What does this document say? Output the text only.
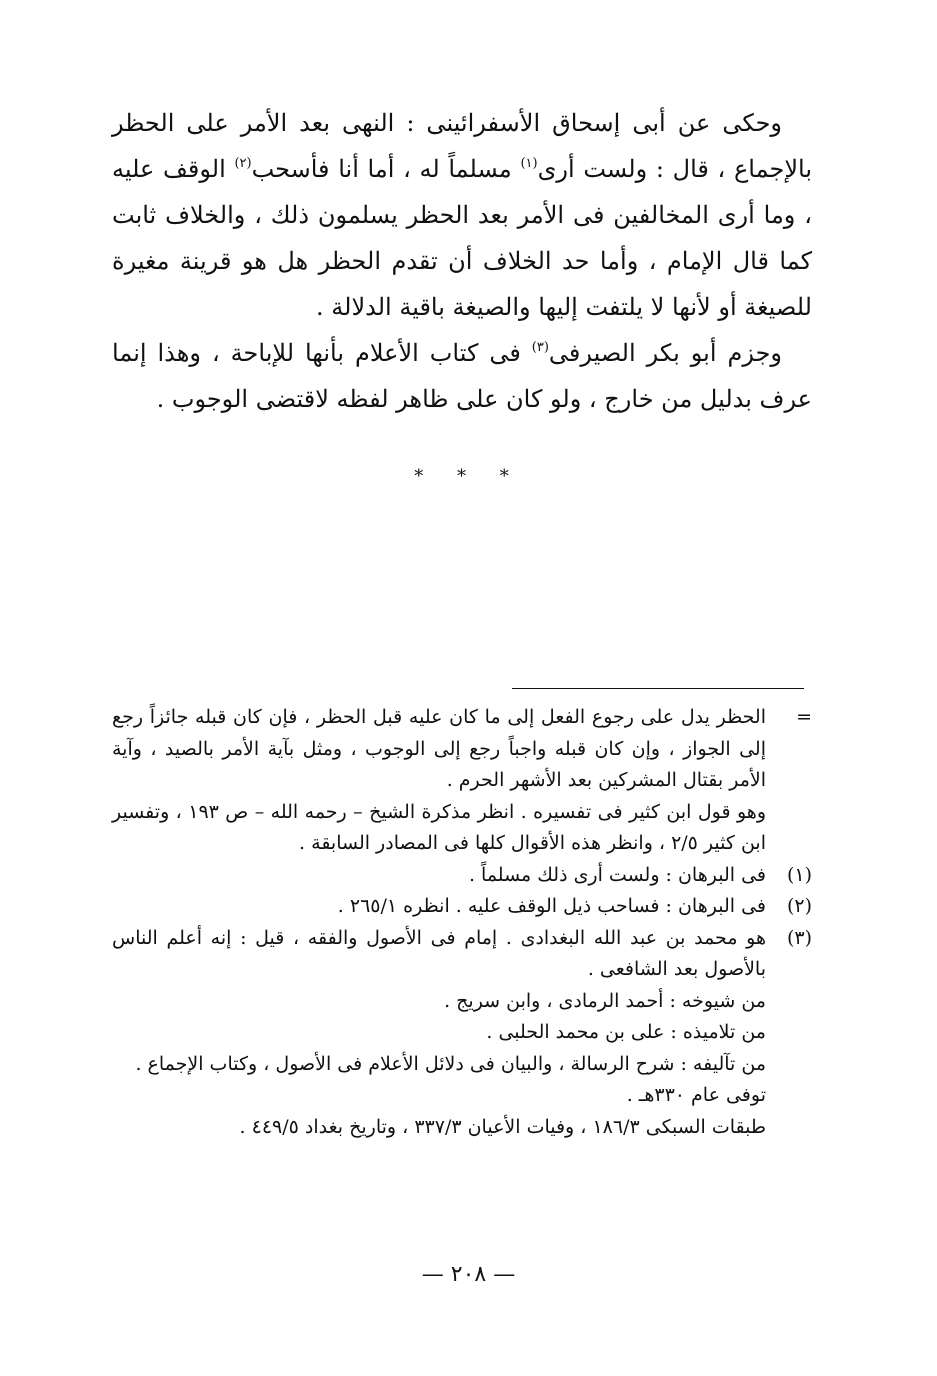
وحكى عن أبى إسحاق الأسفرائينى : النهى بعد الأمر على الحظر بالإجماع ، قال : ولست أرى$^{(١)}$ مسلماً له ، أما أنا فأسحب$^{(٢)}$ الوقف عليه ، وما أرى المخالفين فى الأمر بعد الحظر يسلمون ذلك ، والخلاف ثابت كما قال الإمام ، وأما حد الخلاف أن تقدم الحظر هل هو قرينة مغيرة للصيغة أو لأنها لا يلتفت إليها والصيغة باقية الدلالة .

وجزم أبو بكر الصيرفى$^{(٣)}$ فى كتاب الأعلام بأنها للإباحة ، وهذا إنما عرف بدليل من خارج ، ولو كان على ظاهر لفظه لاقتضى الوجوب .

* * *
=

الحظر يدل على رجوع الفعل إلى ما كان عليه قبل الحظر ، فإن كان قبله جائزاً رجع إلى الجواز ، وإن كان قبله واجباً رجع إلى الوجوب ، ومثل بآية الأمر بالصيد ، وآية الأمر بقتال المشركين بعد الأشهر الحرم .

وهو قول ابن كثير فى تفسيره . انظر مذكرة الشيخ – رحمه الله – ص ١٩٣ ، وتفسير ابن كثير ٢/٥ ، وانظر هذه الأقوال كلها فى المصادر السابقة .

(١)

فى البرهان : ولست أرى ذلك مسلماً .

(٢)

فى البرهان : فساحب ذيل الوقف عليه . انظره ٢٦٥/١ .

(٣)

هو محمد بن عبد الله البغدادى . إمام فى الأصول والفقه ، قيل : إنه أعلم الناس بالأصول بعد الشافعى .

من شيوخه : أحمد الرمادى ، وابن سريج .

من تلاميذه : على بن محمد الحلبى .

من تآليفه : شرح الرسالة ، والبيان فى دلائل الأعلام فى الأصول ، وكتاب الإجماع .

توفى عام ٣٣٠هـ .

طبقات السبكى ١٨٦/٣ ، وفيات الأعيان ٣٣٧/٣ ، وتاريخ بغداد ٤٤٩/٥ .

— ٢٠٨ —
